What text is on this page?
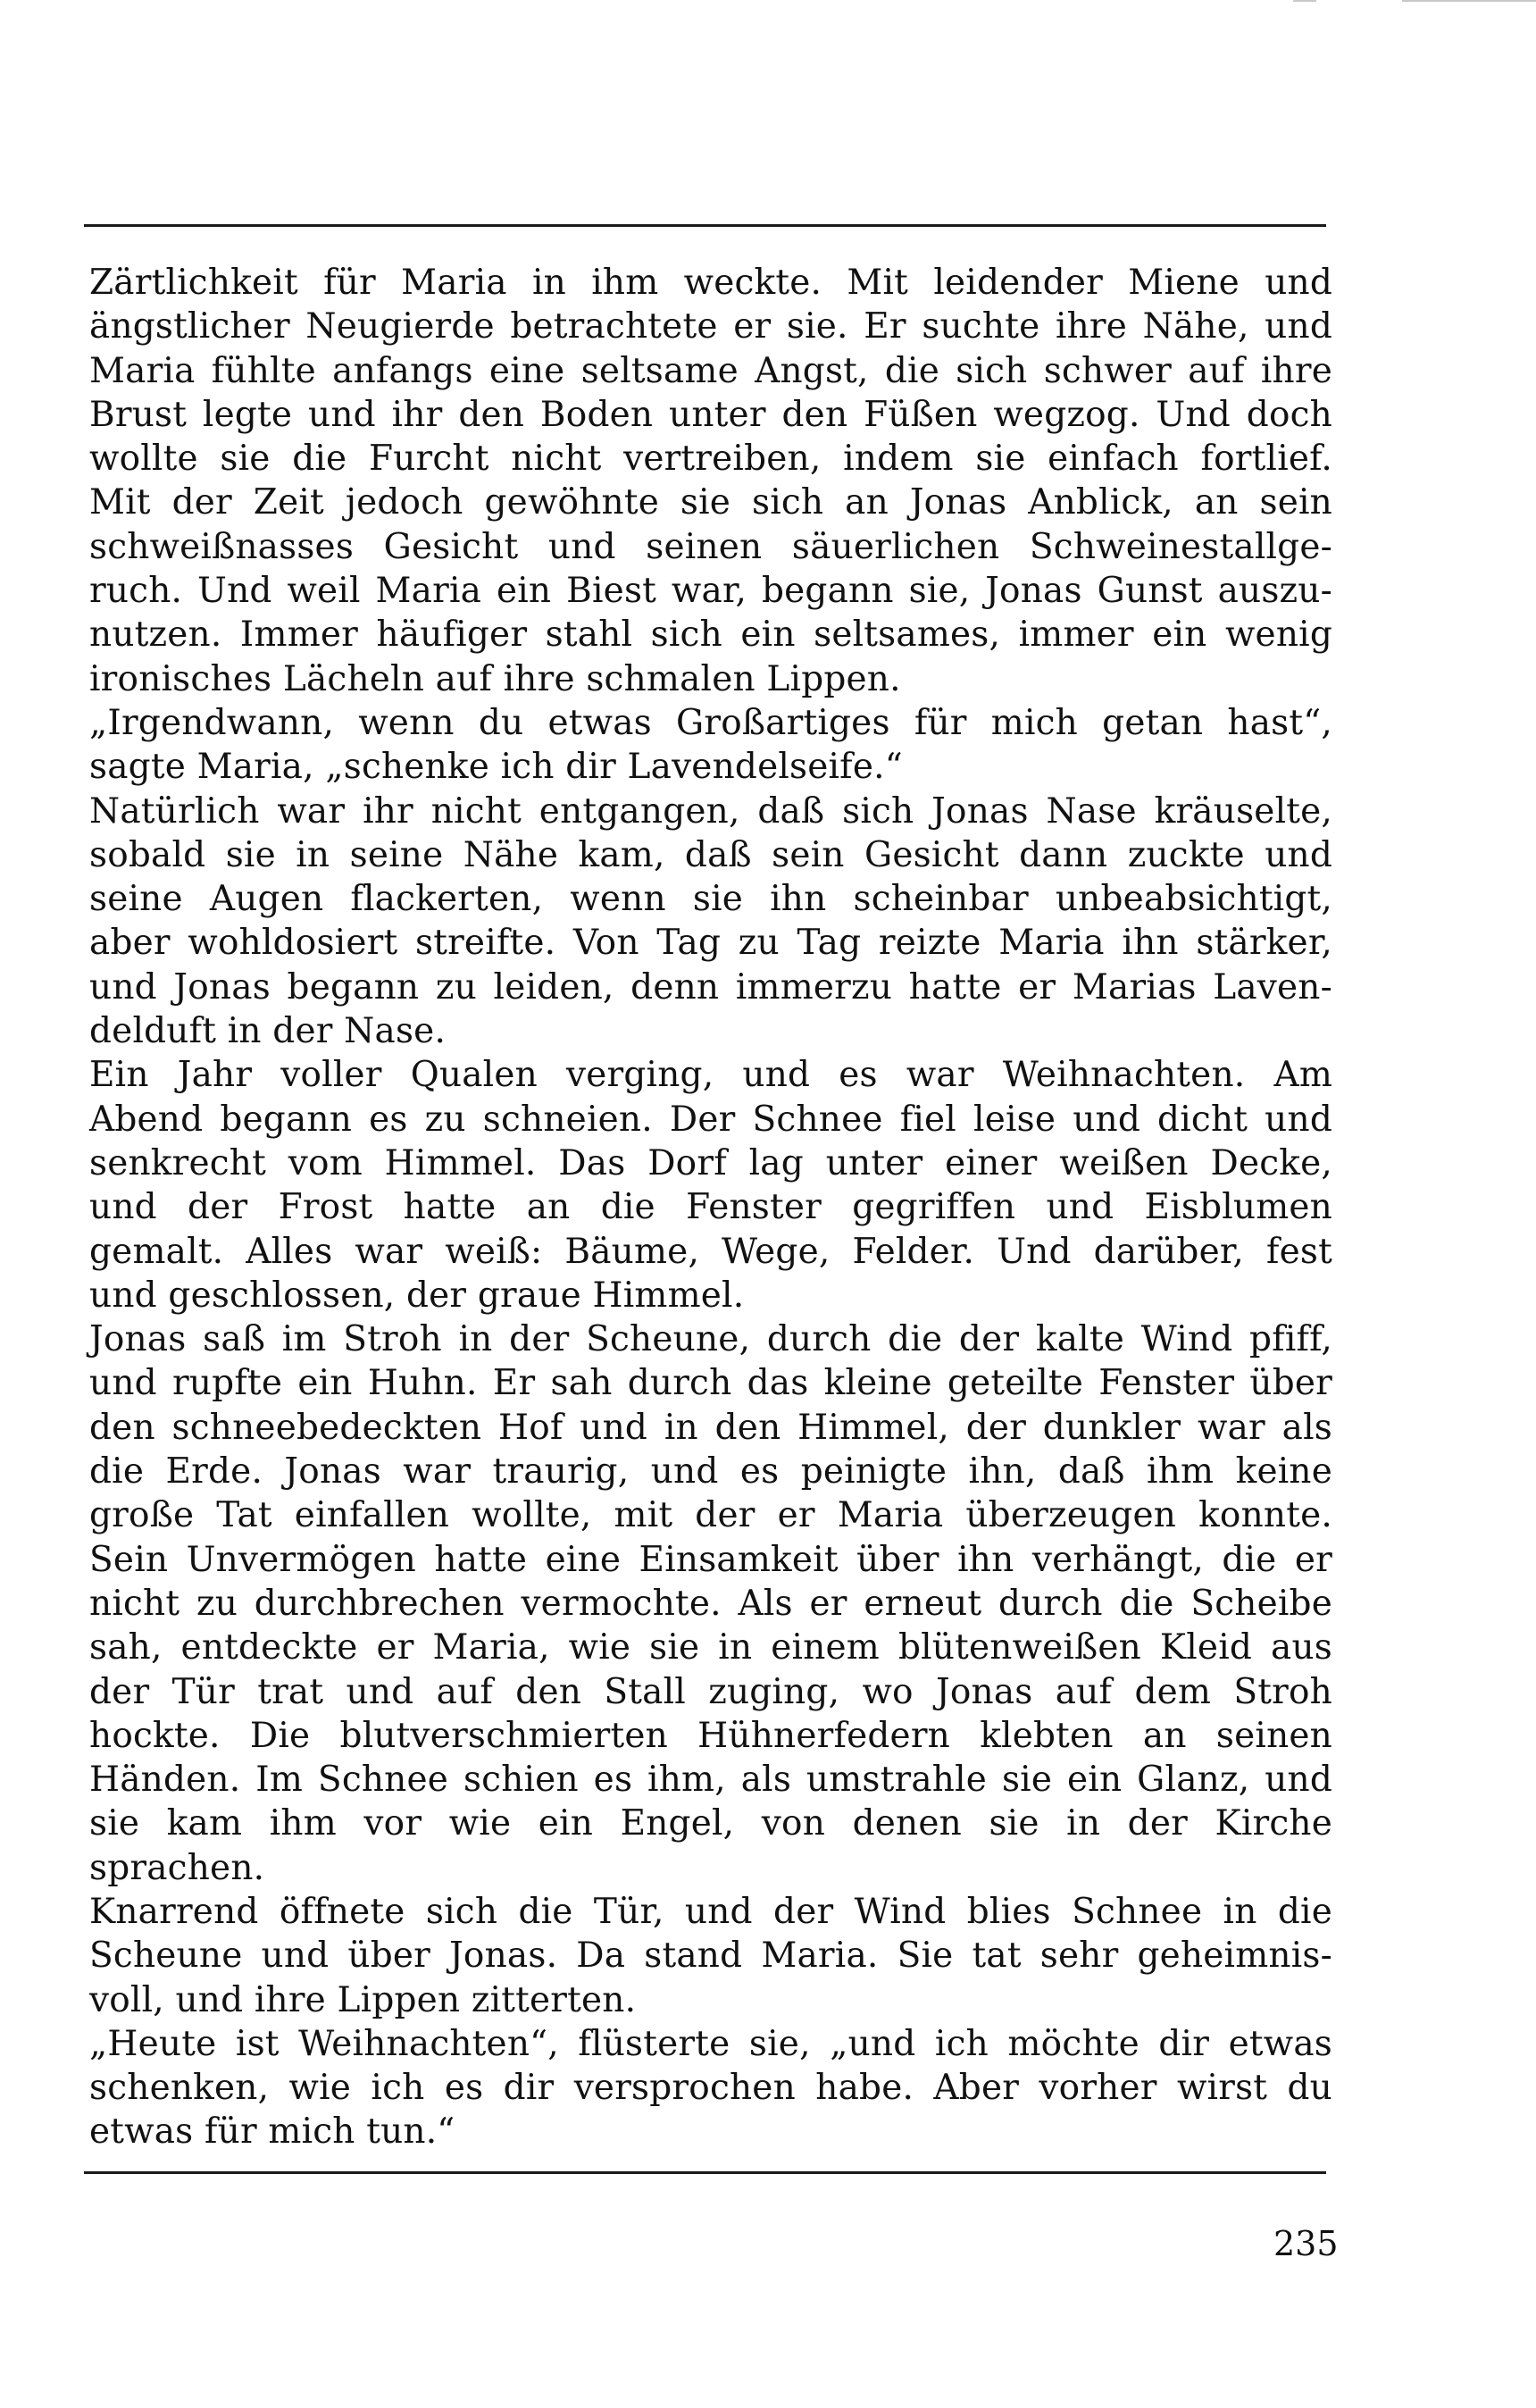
Zärtlichkeit für Maria in ihm weckte. Mit leidender Miene und
ängstlicher Neugierde betrachtete er sie. Er suchte ihre Nähe, und
Maria fühlte anfangs eine seltsame Angst, die sich schwer auf ihre
Brust legte und ihr den Boden unter den Füßen wegzog. Und doch
wollte sie die Furcht nicht vertreiben, indem sie einfach fortlief.
Mit der Zeit jedoch gewöhnte sie sich an Jonas Anblick, an sein
schweißnasses Gesicht und seinen säuerlichen Schweinestallge-
ruch. Und weil Maria ein Biest war, begann sie, Jonas Gunst auszu-
nutzen. Immer häufiger stahl sich ein seltsames, immer ein wenig
ironisches Lächeln auf ihre schmalen Lippen.
„Irgendwann, wenn du etwas Großartiges für mich getan hast“,
sagte Maria, „schenke ich dir Lavendelseife.“
Natürlich war ihr nicht entgangen, daß sich Jonas Nase kräuselte,
sobald sie in seine Nähe kam, daß sein Gesicht dann zuckte und
seine Augen flackerten, wenn sie ihn scheinbar unbeabsichtigt,
aber wohldosiert streifte. Von Tag zu Tag reizte Maria ihn stärker,
und Jonas begann zu leiden, denn immerzu hatte er Marias Laven-
delduft in der Nase.
Ein Jahr voller Qualen verging, und es war Weihnachten. Am
Abend begann es zu schneien. Der Schnee fiel leise und dicht und
senkrecht vom Himmel. Das Dorf lag unter einer weißen Decke,
und der Frost hatte an die Fenster gegriffen und Eisblumen
gemalt. Alles war weiß: Bäume, Wege, Felder. Und darüber, fest
und geschlossen, der graue Himmel.
Jonas saß im Stroh in der Scheune, durch die der kalte Wind pfiff,
und rupfte ein Huhn. Er sah durch das kleine geteilte Fenster über
den schneebedeckten Hof und in den Himmel, der dunkler war als
die Erde. Jonas war traurig, und es peinigte ihn, daß ihm keine
große Tat einfallen wollte, mit der er Maria überzeugen konnte.
Sein Unvermögen hatte eine Einsamkeit über ihn verhängt, die er
nicht zu durchbrechen vermochte. Als er erneut durch die Scheibe
sah, entdeckte er Maria, wie sie in einem blütenweißen Kleid aus
der Tür trat und auf den Stall zuging, wo Jonas auf dem Stroh
hockte. Die blutverschmierten Hühnerfedern klebten an seinen
Händen. Im Schnee schien es ihm, als umstrahle sie ein Glanz, und
sie kam ihm vor wie ein Engel, von denen sie in der Kirche
sprachen.
Knarrend öffnete sich die Tür, und der Wind blies Schnee in die
Scheune und über Jonas. Da stand Maria. Sie tat sehr geheimnis-
voll, und ihre Lippen zitterten.
„Heute ist Weihnachten“, flüsterte sie, „und ich möchte dir etwas
schenken, wie ich es dir versprochen habe. Aber vorher wirst du
etwas für mich tun.“
235
